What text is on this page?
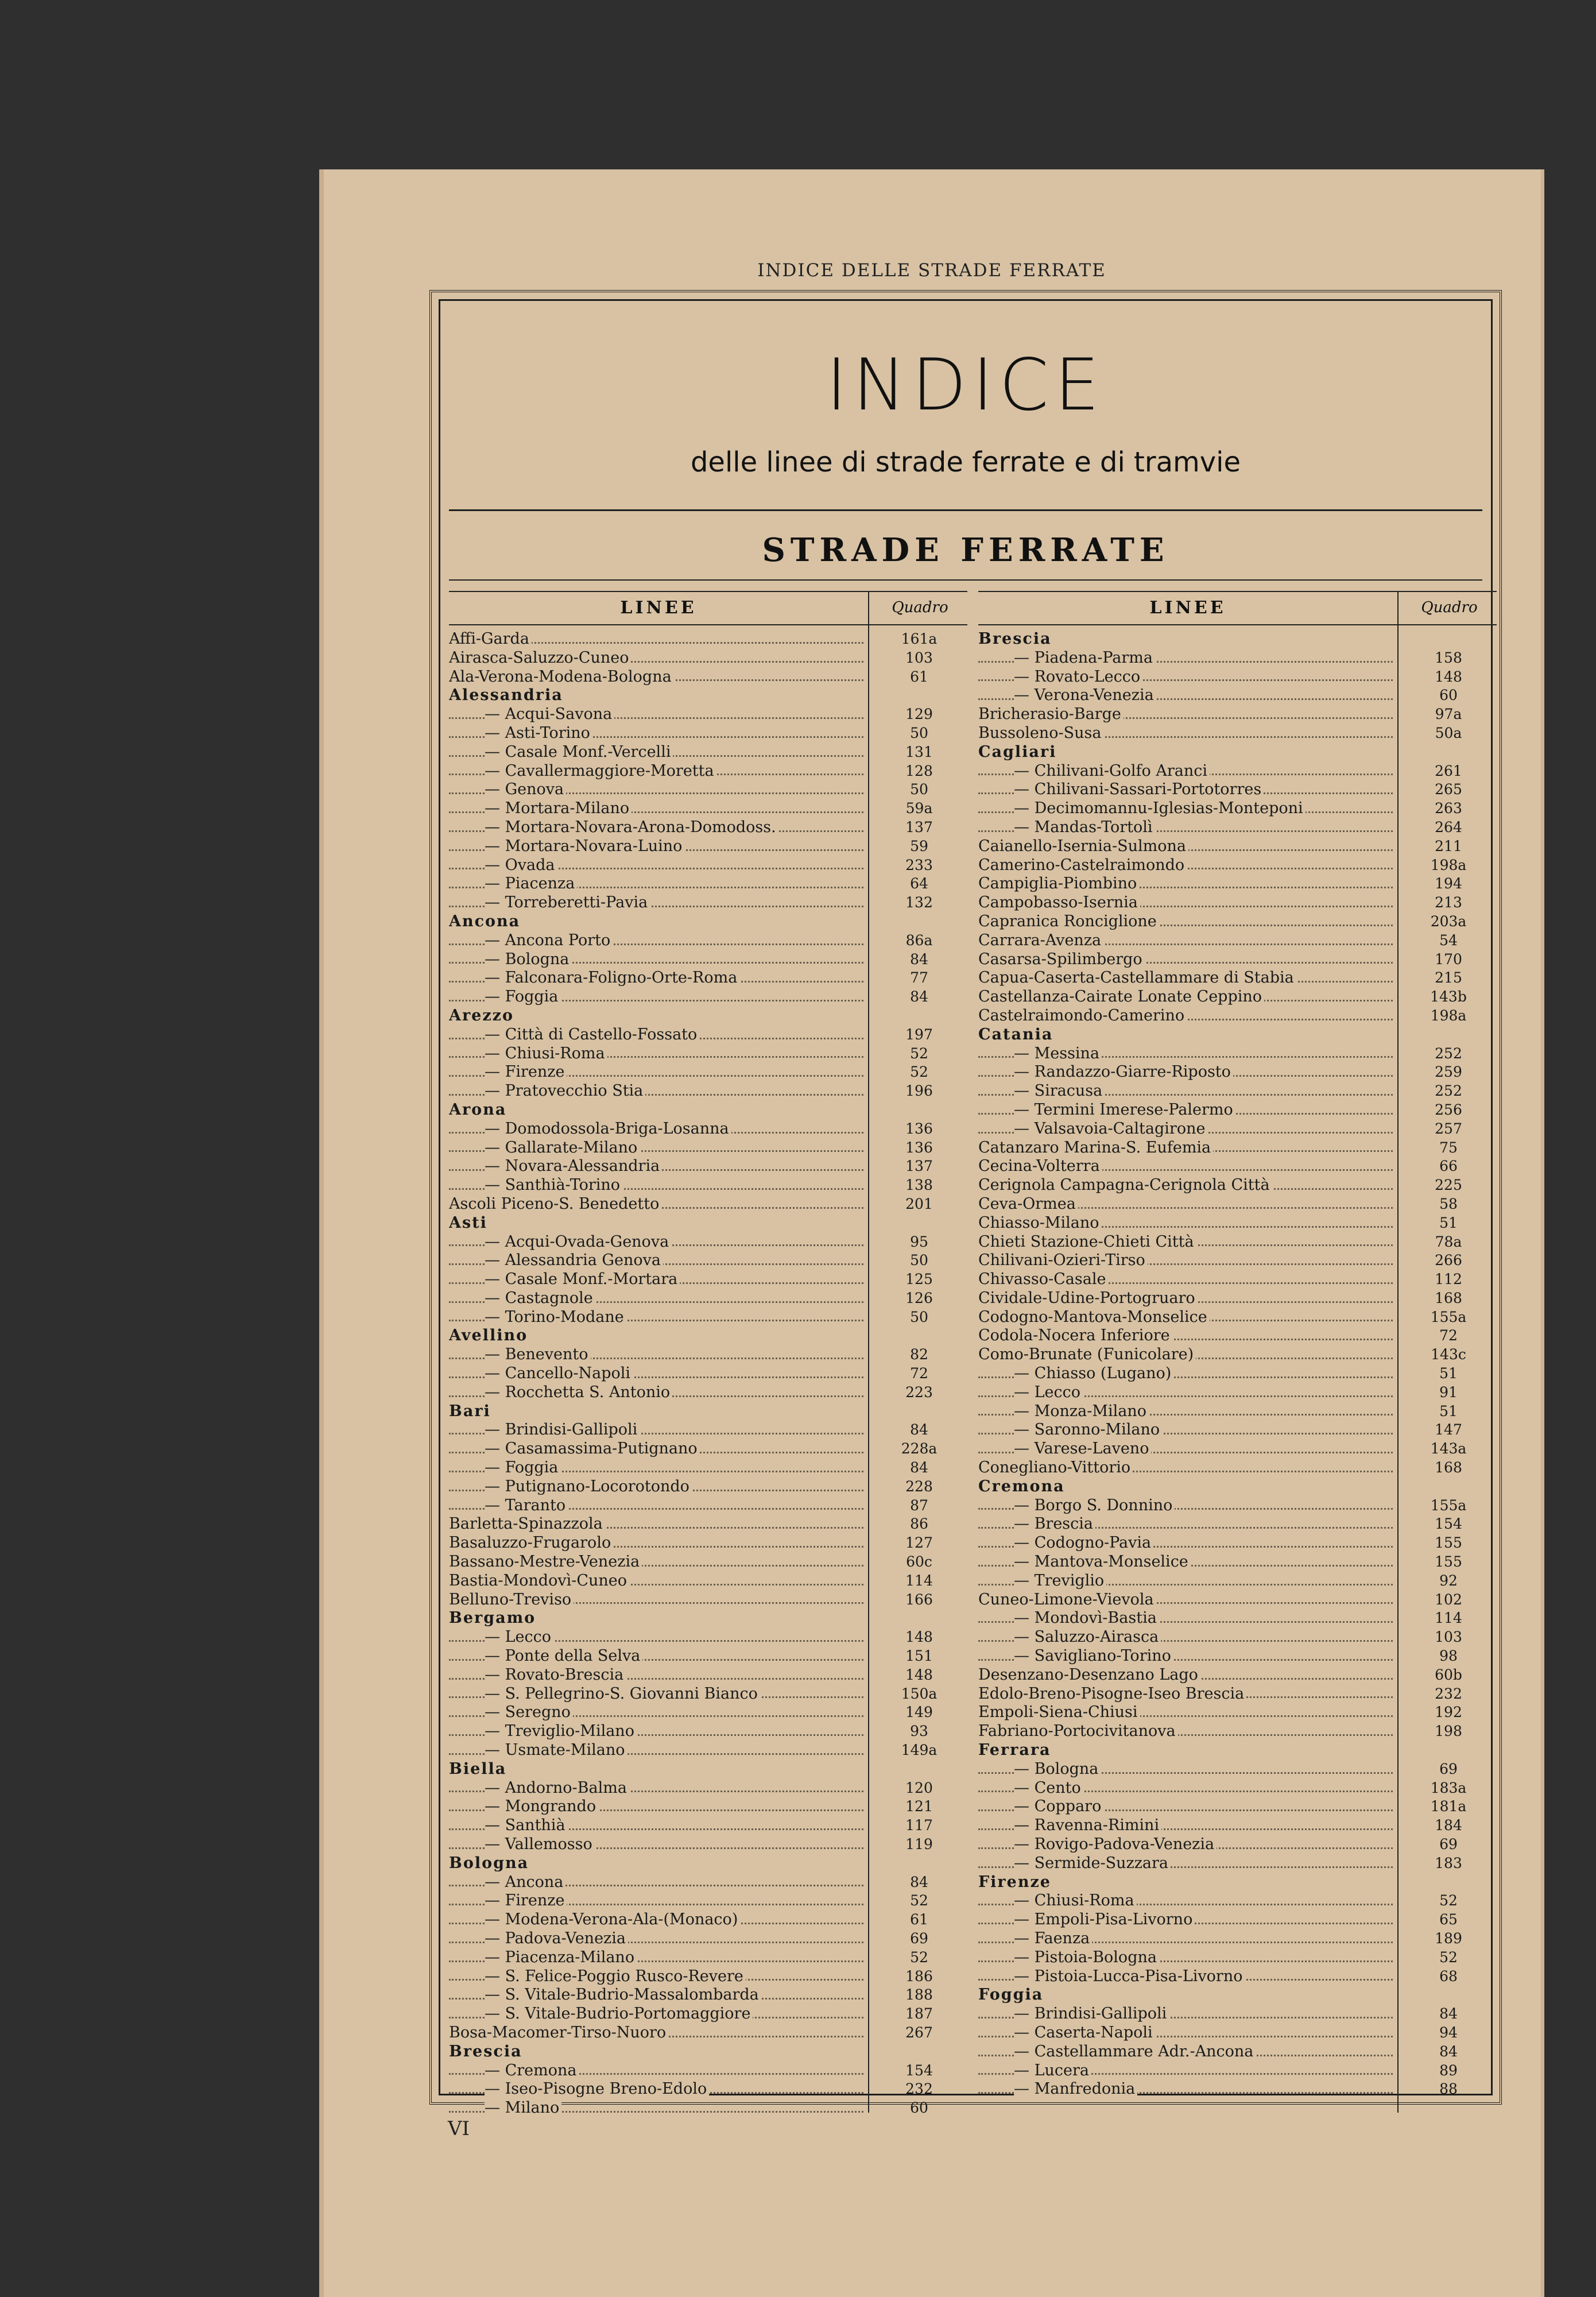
INDICE DELLE STRADE FERRATE
INDICE
delle linee di strade ferrate e di tramvie
STRADE FERRATE
LINEE	Quadro
Affi-Garda	161a
Airasca-Saluzzo-Cuneo	103
Ala-Verona-Modena-Bologna	61
Alessandria
— Acqui-Savona	129
— Asti-Torino	50
— Casale Monf.-Vercelli	131
— Cavallermaggiore-Moretta	128
— Genova	50
— Mortara-Milano	59a
— Mortara-Novara-Arona-Domodoss.	137
— Mortara-Novara-Luino	59
— Ovada	233
— Piacenza	64
— Torreberetti-Pavia	132
Ancona
— Ancona Porto	86a
— Bologna	84
— Falconara-Foligno-Orte-Roma	77
— Foggia	84
Arezzo
— Città di Castello-Fossato	197
— Chiusi-Roma	52
— Firenze	52
— Pratovecchio Stia	196
Arona
— Domodossola-Briga-Losanna	136
— Gallarate-Milano	136
— Novara-Alessandria	137
— Santhià-Torino	138
Ascoli Piceno-S. Benedetto	201
Asti
— Acqui-Ovada-Genova	95
— Alessandria Genova	50
— Casale Monf.-Mortara	125
— Castagnole	126
— Torino-Modane	50
Avellino
— Benevento	82
— Cancello-Napoli	72
— Rocchetta S. Antonio	223
Bari
— Brindisi-Gallipoli	84
— Casamassima-Putignano	228a
— Foggia	84
— Putignano-Locorotondo	228
— Taranto	87
Barletta-Spinazzola	86
Basaluzzo-Frugarolo	127
Bassano-Mestre-Venezia	60c
Bastia-Mondovì-Cuneo	114
Belluno-Treviso	166
Bergamo
— Lecco	148
— Ponte della Selva	151
— Rovato-Brescia	148
— S. Pellegrino-S. Giovanni Bianco	150a
— Seregno	149
— Treviglio-Milano	93
— Usmate-Milano	149a
Biella
— Andorno-Balma	120
— Mongrando	121
— Santhià	117
— Vallemosso	119
Bologna
— Ancona	84
— Firenze	52
— Modena-Verona-Ala-(Monaco)	61
— Padova-Venezia	69
— Piacenza-Milano	52
— S. Felice-Poggio Rusco-Revere	186
— S. Vitale-Budrio-Massalombarda	188
— S. Vitale-Budrio-Portomaggiore	187
Bosa-Macomer-Tirso-Nuoro	267
Brescia
— Cremona	154
— Iseo-Pisogne Breno-Edolo	232
— Milano	60
LINEE	Quadro
Brescia
— Piadena-Parma	158
— Rovato-Lecco	148
— Verona-Venezia	60
Bricherasio-Barge	97a
Bussoleno-Susa	50a
Cagliari
— Chilivani-Golfo Aranci	261
— Chilivani-Sassari-Portotorres	265
— Decimomannu-Iglesias-Monteponi	263
— Mandas-Tortolì	264
Caianello-Isernia-Sulmona	211
Camerino-Castelraimondo	198a
Campiglia-Piombino	194
Campobasso-Isernia	213
Capranica Ronciglione	203a
Carrara-Avenza	54
Casarsa-Spilimbergo	170
Capua-Caserta-Castellammare di Stabia	215
Castellanza-Cairate Lonate Ceppino	143b
Castelraimondo-Camerino	198a
Catania
— Messina	252
— Randazzo-Giarre-Riposto	259
— Siracusa	252
— Termini Imerese-Palermo	256
— Valsavoia-Caltagirone	257
Catanzaro Marina-S. Eufemia	75
Cecina-Volterra	66
Cerignola Campagna-Cerignola Città	225
Ceva-Ormea	58
Chiasso-Milano	51
Chieti Stazione-Chieti Città	78a
Chilivani-Ozieri-Tirso	266
Chivasso-Casale	112
Cividale-Udine-Portogruaro	168
Codogno-Mantova-Monselice	155a
Codola-Nocera Inferiore	72
Como-Brunate (Funicolare)	143c
— Chiasso (Lugano)	51
— Lecco	91
— Monza-Milano	51
— Saronno-Milano	147
— Varese-Laveno	143a
Conegliano-Vittorio	168
Cremona
— Borgo S. Donnino	155a
— Brescia	154
— Codogno-Pavia	155
— Mantova-Monselice	155
— Treviglio	92
Cuneo-Limone-Vievola	102
— Mondovì-Bastia	114
— Saluzzo-Airasca	103
— Savigliano-Torino	98
Desenzano-Desenzano Lago	60b
Edolo-Breno-Pisogne-Iseo Brescia	232
Empoli-Siena-Chiusi	192
Fabriano-Portocivitanova	198
Ferrara
— Bologna	69
— Cento	183a
— Copparo	181a
— Ravenna-Rimini	184
— Rovigo-Padova-Venezia	69
— Sermide-Suzzara	183
Firenze
— Chiusi-Roma	52
— Empoli-Pisa-Livorno	65
— Faenza	189
— Pistoia-Bologna	52
— Pistoia-Lucca-Pisa-Livorno	68
Foggia
— Brindisi-Gallipoli	84
— Caserta-Napoli	94
— Castellammare Adr.-Ancona	84
— Lucera	89
— Manfredonia	88
VI
